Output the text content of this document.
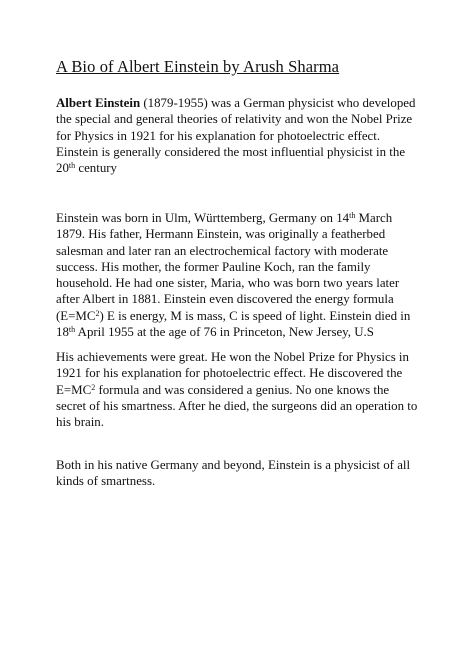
A Bio of Albert Einstein by Arush Sharma
Albert Einstein (1879-1955) was a German physicist who developed the special and general theories of relativity and won the Nobel Prize for Physics in 1921 for his explanation for photoelectric effect. Einstein is generally considered the most influential physicist in the 20th century
Einstein was born in Ulm, Württemberg, Germany on 14th March 1879. His father, Hermann Einstein, was originally a featherbed salesman and later ran an electrochemical factory with moderate success. His mother, the former Pauline Koch, ran the family household. He had one sister, Maria, who was born two years later after Albert in 1881. Einstein even discovered the energy formula $(E=MC^2)$ E is energy, M is mass, C is speed of light. Einstein died in 18th April 1955 at the age of 76 in Princeton, New Jersey, U.S
His achievements were great. He won the Nobel Prize for Physics in 1921 for his explanation for photoelectric effect. He discovered the $E=MC^2$ formula and was considered a genius. No one knows the secret of his smartness. After he died, the surgeons did an operation to his brain.
Both in his native Germany and beyond, Einstein is a physicist of all kinds of smartness.
